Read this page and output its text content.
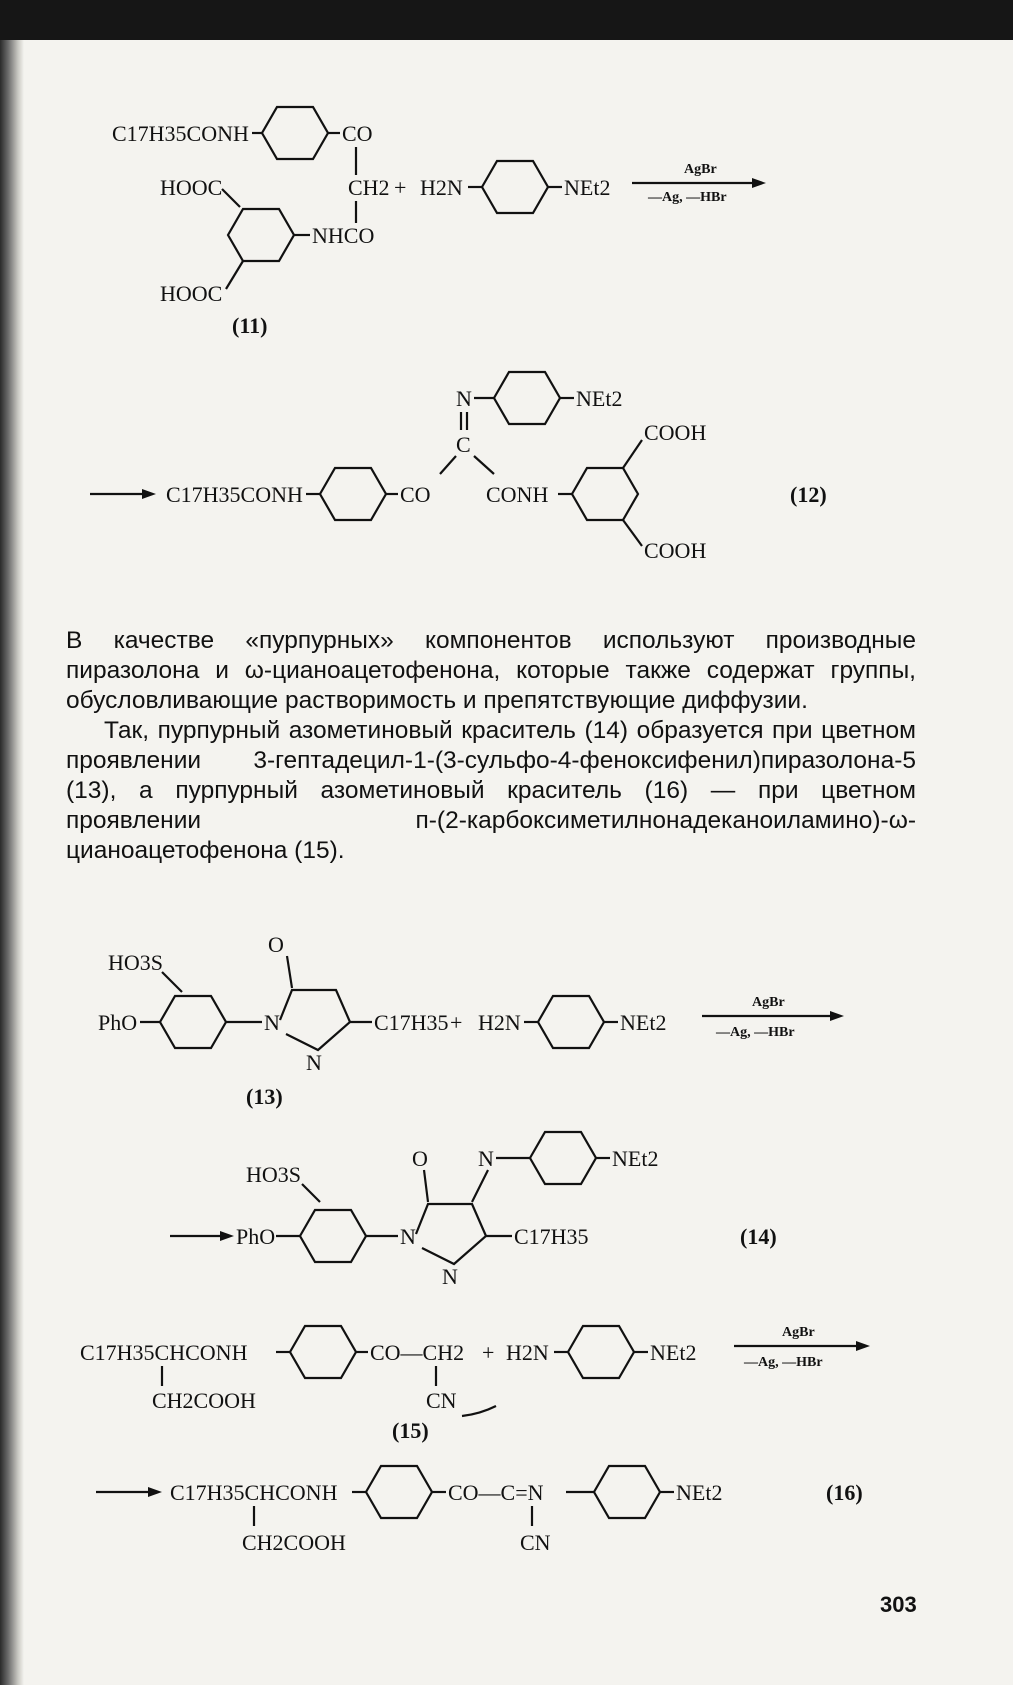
C17H35CONH	CO
CH2 + H2N	NEt2
AgBr
—Ag, —HBr
HOOC
NHCO
HOOC
(11)
N	NEt2
C
C17H35CONH	CO	CONH
COOH
COOH
(12)

В качестве «пурпурных» компонентов используют производные пиразолона и ω-цианоацетофенона, которые также содержат группы, обусловливающие растворимость и препятствующие диффузии.

Так, пурпурный азометиновый краситель (14) образуется при цветном проявлении 3-гептадецил-1-(3-сульфо-4-феноксифенил)пиразолона-5 (13), а пурпурный азометиновый краситель (16) — при цветном проявлении п-(2-карбоксиметилнонадеканоиламино)-ω-цианоацетофенона (15).

O
HO3S
PhO	N	C17H35
N
+ H2N	NEt2
AgBr
—Ag, —HBr
(13)
O N	NEt2
HO3S
PhO	N	C17H35
N
(14)
C17H35CHCONH	CO—CH2
CH2COOH	CN
+ H2N	NEt2
AgBr
—Ag, —HBr
(15)
C17H35CHCONH	CO—C=N	NEt2
CH2COOH	CN
(16)
303
